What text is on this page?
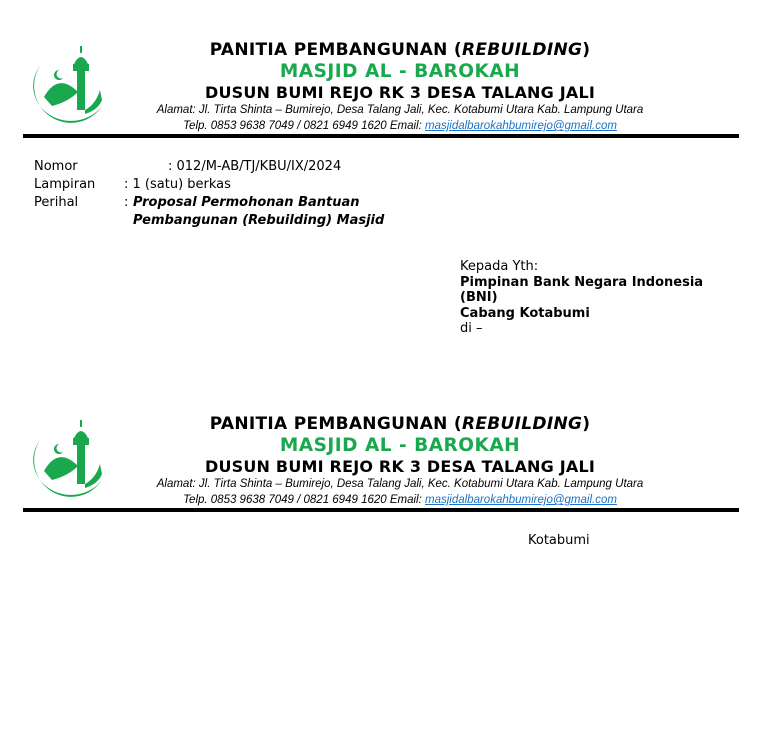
PANITIA PEMBANGUNAN (REBUILDING)
MASJID AL - BAROKAH
DUSUN BUMI REJO RK 3 DESA TALANG JALI
Alamat: Jl. Tirta Shinta – Bumirejo, Desa Talang Jali, Kec. Kotabumi Utara Kab. Lampung Utara
Telp. 0853 9638 7049 / 0821 6949 1620 Email: masjidalbarokahbumirejo@gmail.com
Nomor	: 012/M-AB/TJ/KBU/IX/2024
Lampiran : 1 (satu) berkas
Perihal	: Proposal Permohonan Bantuan
Pembangunan (Rebuilding) Masjid
Kepada Yth:
Pimpinan Bank Negara Indonesia
(BNI)
Cabang Kotabumi
di –
PANITIA PEMBANGUNAN (REBUILDING)
MASJID AL - BAROKAH
DUSUN BUMI REJO RK 3 DESA TALANG JALI
Alamat: Jl. Tirta Shinta – Bumirejo, Desa Talang Jali, Kec. Kotabumi Utara Kab. Lampung Utara
Telp. 0853 9638 7049 / 0821 6949 1620 Email: masjidalbarokahbumirejo@gmail.com
Kotabumi
